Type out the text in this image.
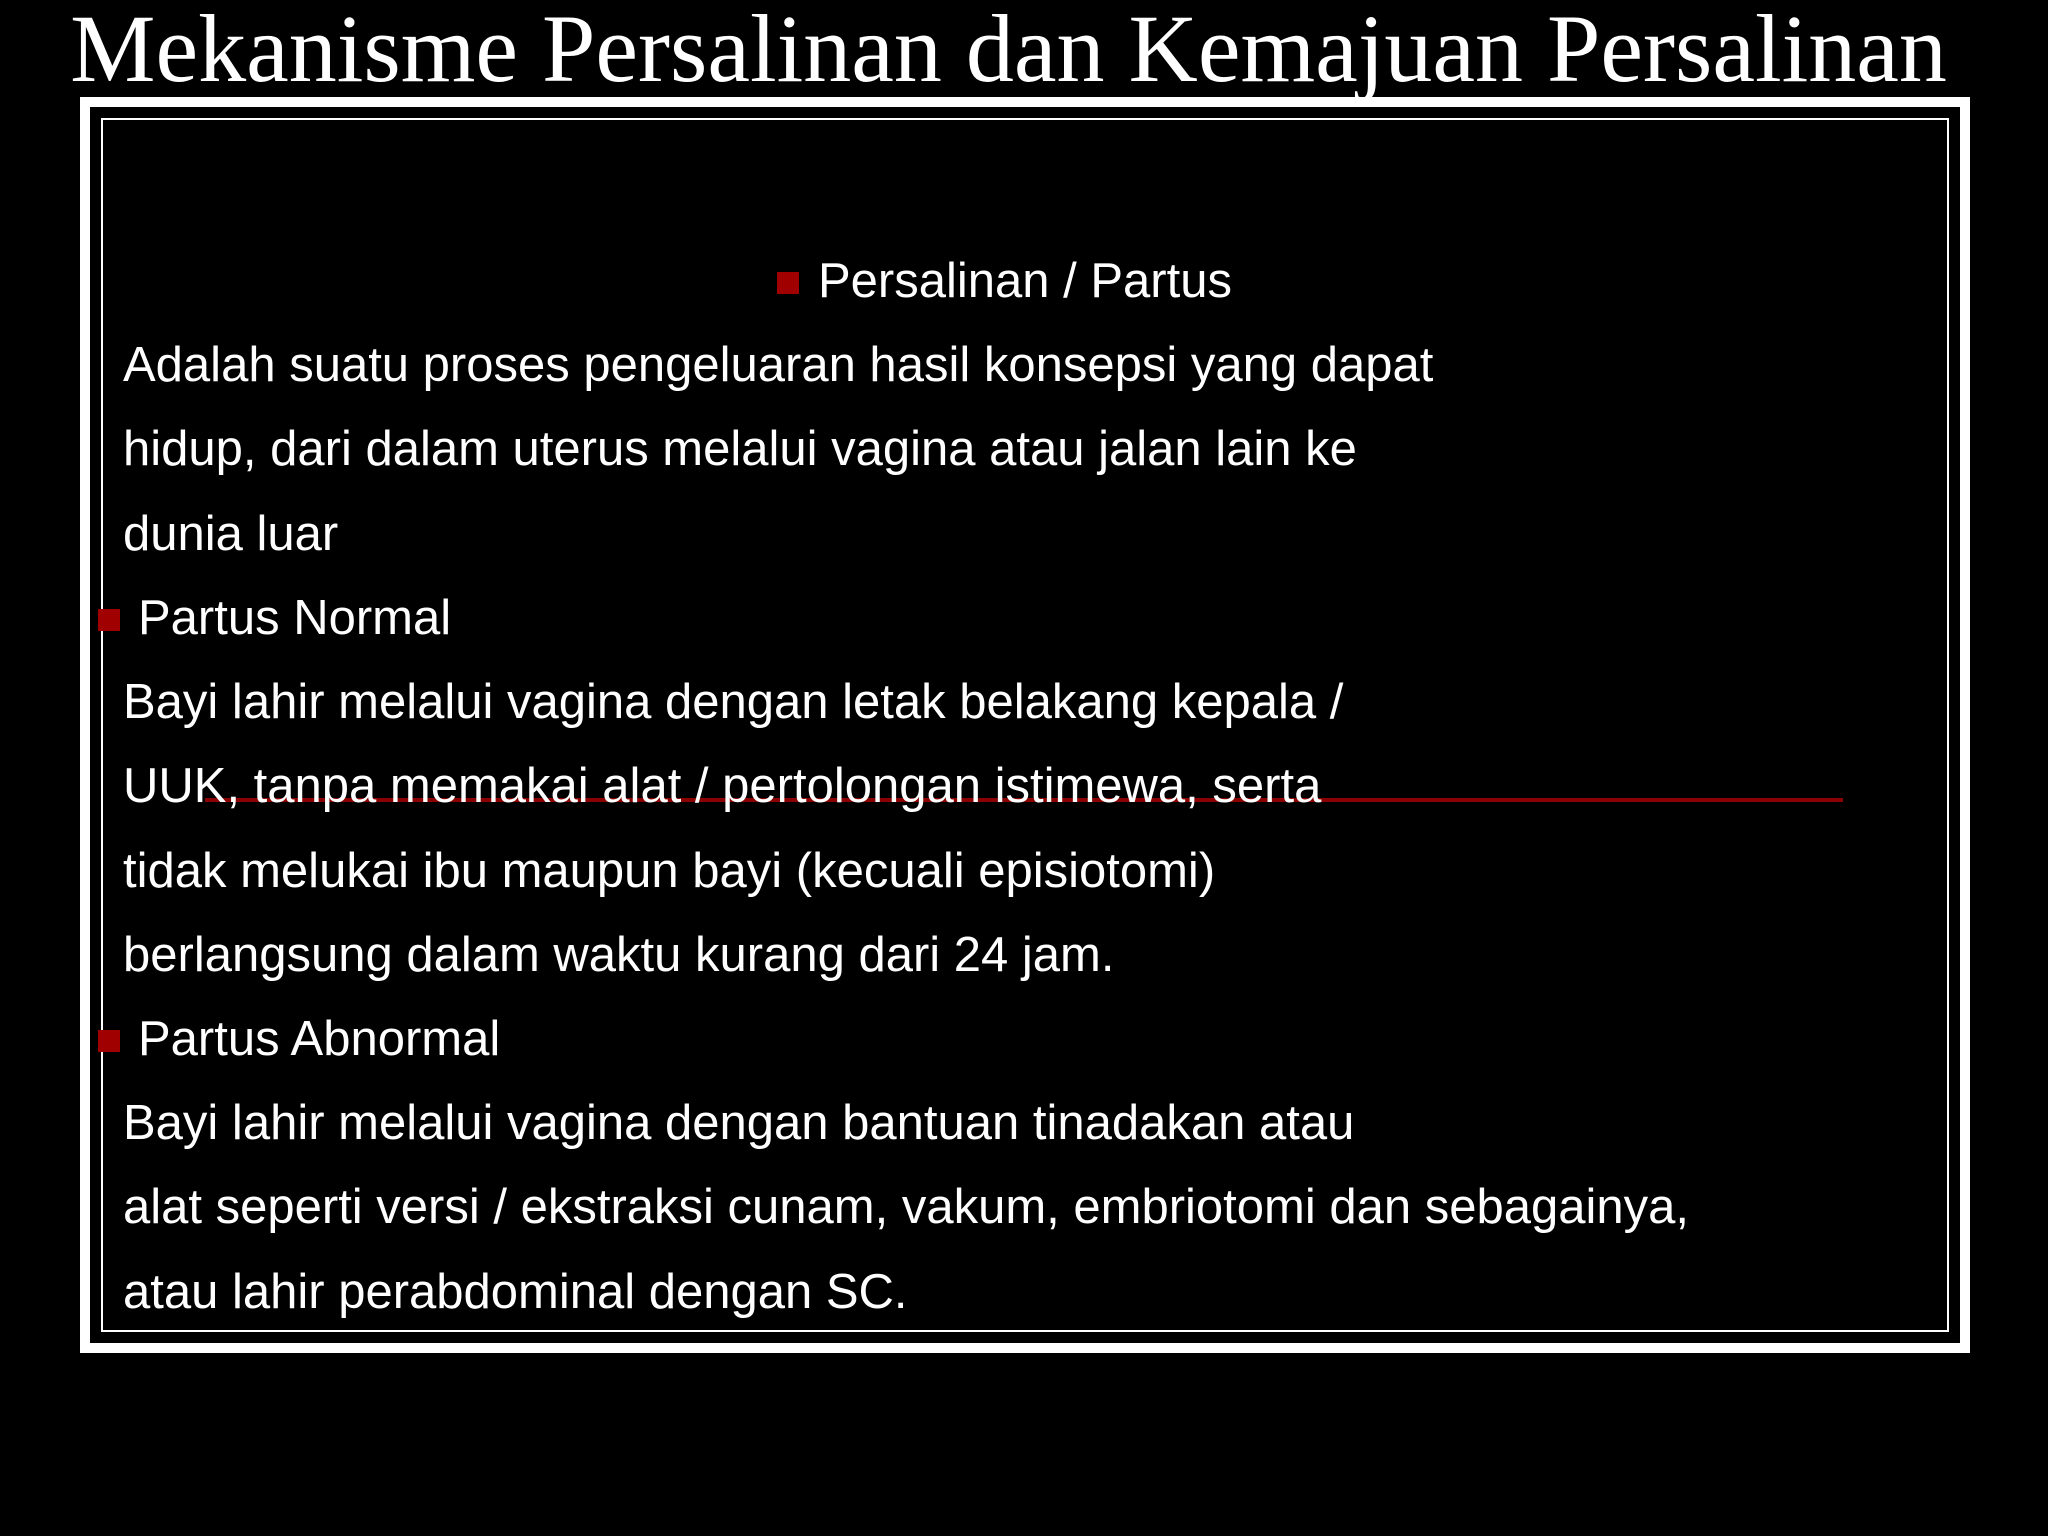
Mekanisme Persalinan dan Kemajuan Persalinan
Persalinan / Partus
Adalah suatu proses pengeluaran hasil konsepsi yang dapat
hidup, dari dalam uterus melalui vagina atau jalan lain ke
dunia luar
Partus Normal
Bayi lahir melalui vagina dengan letak belakang kepala /
UUK, tanpa memakai alat / pertolongan istimewa, serta
tidak melukai ibu maupun bayi (kecuali episiotomi)
berlangsung dalam waktu kurang dari 24 jam.
Partus Abnormal
Bayi lahir melalui vagina dengan bantuan tinadakan atau
alat seperti versi / ekstraksi cunam, vakum, embriotomi dan sebagainya,
atau lahir perabdominal dengan SC.
